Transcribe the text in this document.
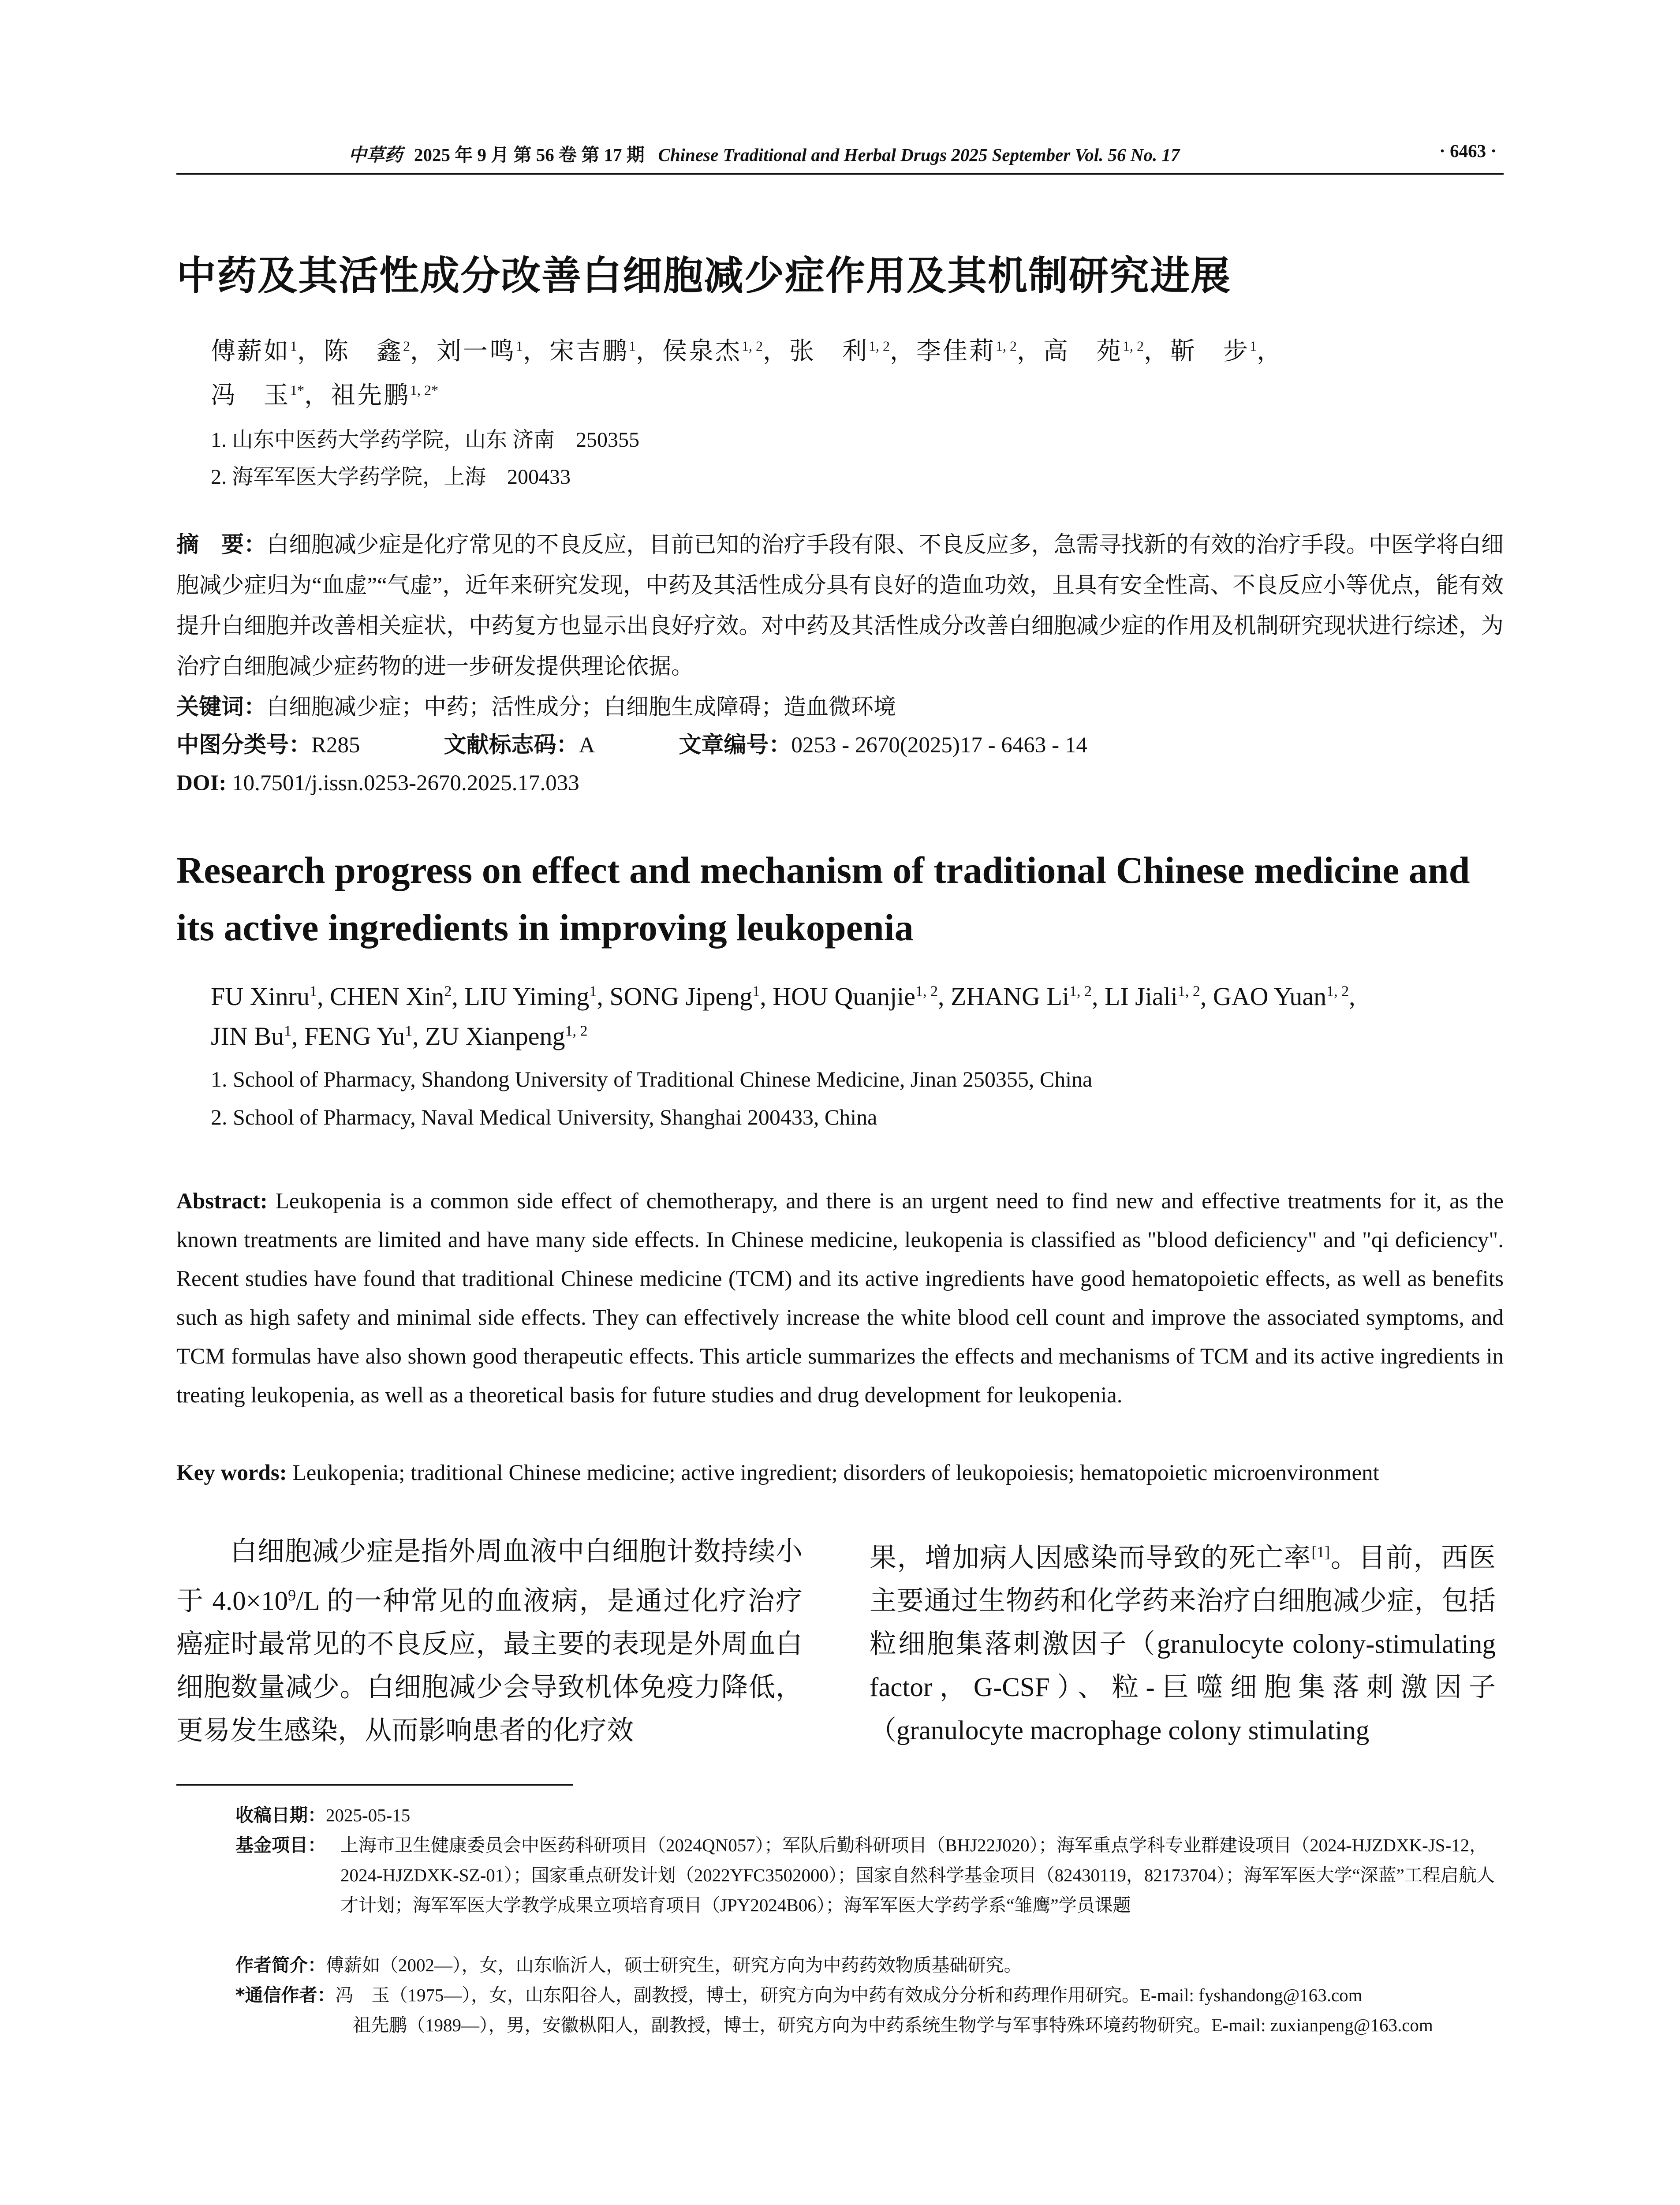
中草药 2025 年 9 月 第 56 卷 第 17 期 Chinese Traditional and Herbal Drugs 2025 September Vol. 56 No. 17	· 6463 ·
中药及其活性成分改善白细胞减少症作用及其机制研究进展
傅薪如$^1$，陈　鑫$^2$，刘一鸣$^1$，宋吉鹏$^1$，侯泉杰$^{1, 2}$，张　利$^{1, 2}$，李佳莉$^{1, 2}$，高　苑$^{1, 2}$，靳　步$^1$，
冯　玉$^{1*}$，祖先鹏$^{1, 2*}$
1. 山东中医药大学药学院，山东 济南　250355
2. 海军军医大学药学院，上海　200433
摘　要：白细胞减少症是化疗常见的不良反应，目前已知的治疗手段有限、不良反应多，急需寻找新的有效的治疗手段。中医学将白细胞减少症归为“血虚”“气虚”，近年来研究发现，中药及其活性成分具有良好的造血功效，且具有安全性高、不良反应小等优点，能有效提升白细胞并改善相关症状，中药复方也显示出良好疗效。对中药及其活性成分改善白细胞减少症的作用及机制研究现状进行综述，为治疗白细胞减少症药物的进一步研发提供理论依据。
关键词：白细胞减少症；中药；活性成分；白细胞生成障碍；造血微环境
中图分类号：R285	文献标志码：A	文章编号：0253 - 2670(2025)17 - 6463 - 14
DOI: 10.7501/j.issn.0253-2670.2025.17.033
Research progress on effect and mechanism of traditional Chinese medicine and its active ingredients in improving leukopenia
FU Xinru$^1$, CHEN Xin$^2$, LIU Yiming$^1$, SONG Jipeng$^1$, HOU Quanjie$^{1, 2}$, ZHANG Li$^{1, 2}$, LI Jiali$^{1, 2}$, GAO Yuan$^{1, 2}$,
JIN Bu$^1$, FENG Yu$^1$, ZU Xianpeng$^{1, 2}$
1. School of Pharmacy, Shandong University of Traditional Chinese Medicine, Jinan 250355, China
2. School of Pharmacy, Naval Medical University, Shanghai 200433, China
Abstract: Leukopenia is a common side effect of chemotherapy, and there is an urgent need to find new and effective treatments for it, as the known treatments are limited and have many side effects. In Chinese medicine, leukopenia is classified as "blood deficiency" and "qi deficiency". Recent studies have found that traditional Chinese medicine (TCM) and its active ingredients have good hematopoietic effects, as well as benefits such as high safety and minimal side effects. They can effectively increase the white blood cell count and improve the associated symptoms, and TCM formulas have also shown good therapeutic effects. This article summarizes the effects and mechanisms of TCM and its active ingredients in treating leukopenia, as well as a theoretical basis for future studies and drug development for leukopenia.
Key words: Leukopenia; traditional Chinese medicine; active ingredient; disorders of leukopoiesis; hematopoietic microenvironment
白细胞减少症是指外周血液中白细胞计数持续小于 $4.0\times 10^9/L$ 的一种常见的血液病，是通过化疗治疗癌症时最常见的不良反应，最主要的表现是外周血白细胞数量减少。白细胞减少会导致机体免疫力降低，更易发生感染，从而影响患者的化疗效
果，增加病人因感染而导致的死亡率[1]。目前，西医主要通过生物药和化学药来治疗白细胞减少症，包括粒细胞集落刺激因子（granulocyte colony-stimulating factor，G-CSF）、粒-巨噬细胞集落刺激因子（granulocyte macrophage colony stimulating
收稿日期：2025-05-15
基金项目： 上海市卫生健康委员会中医药科研项目（2024QN057）；军队后勤科研项目（BHJ22J020）；海军重点学科专业群建设项目（2024-HJZDXK-JS-12，2024-HJZDXK-SZ-01）；国家重点研发计划（2022YFC3502000）；国家自然科学基金项目（82430119，82173704）；海军军医大学“深蓝”工程启航人才计划；海军军医大学教学成果立项培育项目（JPY2024B06）；海军军医大学药学系“雏鹰”学员课题
作者简介：傅薪如（2002—），女，山东临沂人，硕士研究生，研究方向为中药药效物质基础研究。
*通信作者：冯　玉（1975—），女，山东阳谷人，副教授，博士，研究方向为中药有效成分分析和药理作用研究。E-mail: fyshandong@163.com
祖先鹏（1989—），男，安徽枞阳人，副教授，博士，研究方向为中药系统生物学与军事特殊环境药物研究。E-mail: zuxianpeng@163.com
